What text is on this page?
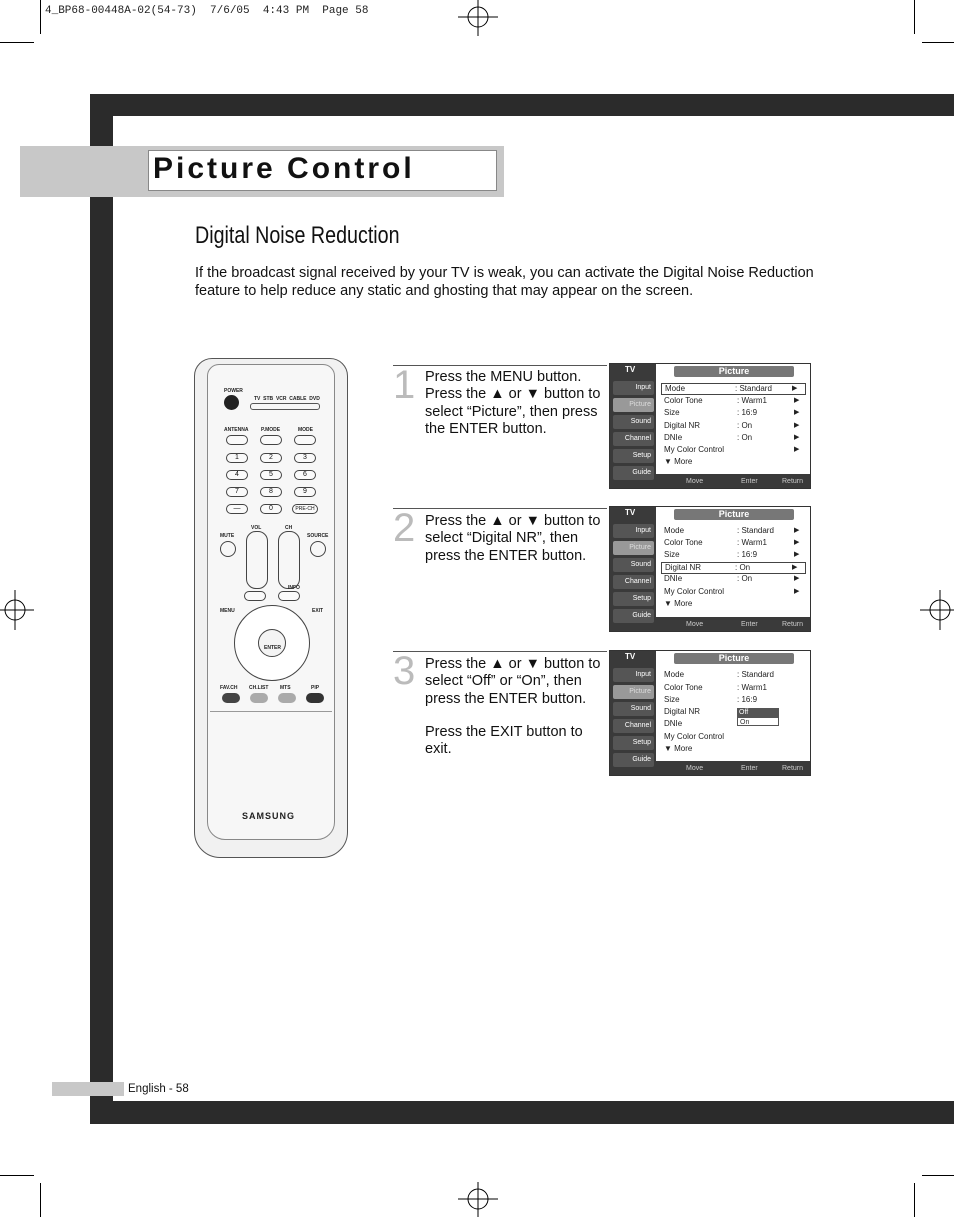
4_BP68-00448A-02(54-73)  7/6/05  4:43 PM  Page 58
Picture Control
Digital Noise Reduction
If the broadcast signal received by your TV is weak, you can activate the Digital Noise Reduction feature to help reduce any static and ghosting that may appear on the screen.
POWER
TV  STB  VCR  CABLE  DVD
ANTENNA	P.MODE	MODE
1	2	3
4	5	6
7	8	9
—	0	PRE-CH
MUTE
VOL	CH
SOURCE
INFO
MENU	EXIT
ENTER
FAV.CH CH.LIST MTS	PIP
SAMSUNG
1 Press the MENU button. Press the ▲ or ▼ button to select “Picture”, then press the ENTER button.
TV	Picture
Input
Picture
Sound
Channel
Setup
Guide
Mode	: Standard	▶
Color Tone	: Warm1	▶
Size	: 16:9	▶
Digital NR	: On	▶
DNIe	: On	▶
My Color Control	▶
▼ More
Move	Enter	Return
2 Press the ▲ or ▼ button to select “Digital NR”, then press the ENTER button.
TV	Picture
Input
Picture
Sound
Channel
Setup
Guide
Mode	: Standard	▶
Color Tone	: Warm1	▶
Size	: 16:9	▶
Digital NR	: On	▶
DNIe	: On	▶
My Color Control	▶
▼ More
Move	Enter	Return
3 Press the ▲ or ▼ button to select “Off” or “On”, then press the ENTER button.
Press the EXIT button to exit.
TV	Picture
Input
Picture
Sound
Channel
Setup
Guide
Mode	: Standard
Color Tone	: Warm1
Size	: 16:9
Digital NR
DNIe
My Color Control
▼ More
Off
On
Move	Enter	Return
English - 58
